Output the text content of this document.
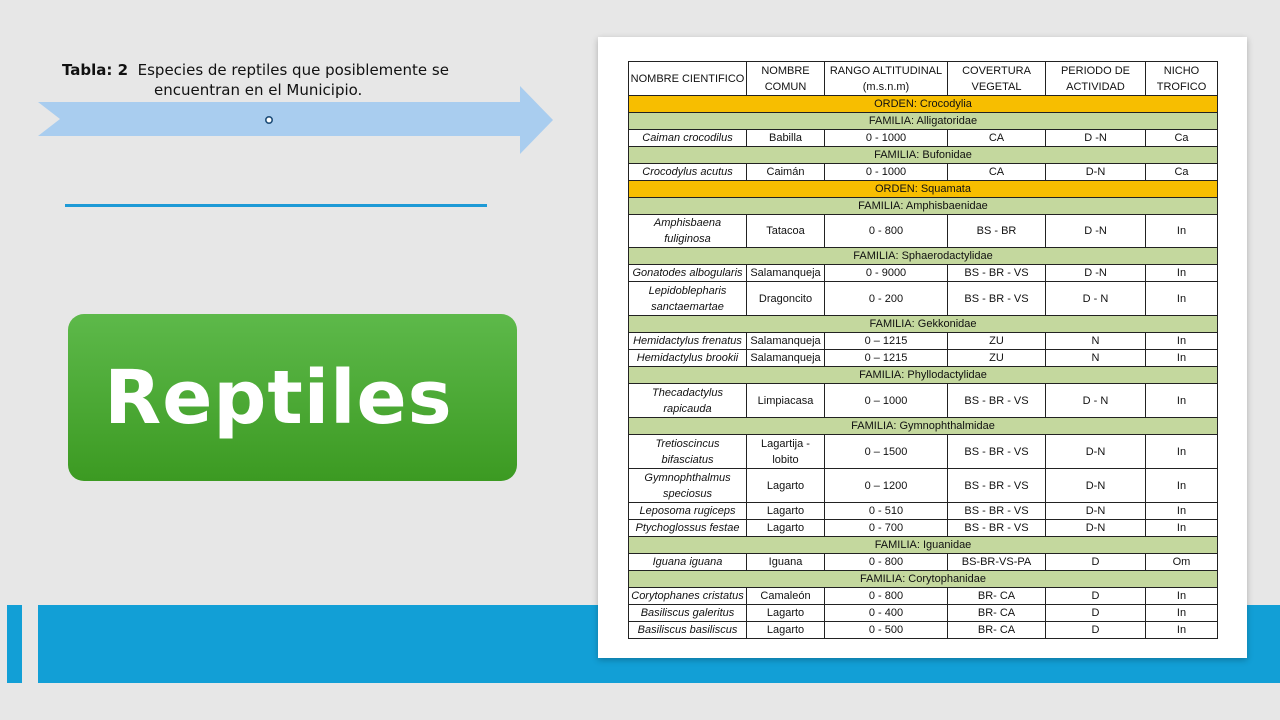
Tabla: 2 Especies de reptiles que posiblemente se
encuentran en el Municipio.
Reptiles
NOMBRE CIENTIFICO	NOMBRE COMUN	RANGO ALTITUDINAL (m.s.n.m)	COVERTURA VEGETAL	PERIODO DE ACTIVIDAD	NICHO TROFICO
ORDEN: Crocodylia					
FAMILIA: Alligatoridae					
Caiman crocodilus	Babilla	0 - 1000	CA	D -N	Ca
FAMILIA: Bufonidae					
Crocodylus acutus	Caimán	0 - 1000	CA	D-N	Ca
ORDEN: Squamata					
FAMILIA: Amphisbaenidae					
Amphisbaena fuliginosa	Tatacoa	0 - 800	BS - BR	D -N	In
FAMILIA: Sphaerodactylidae					
Gonatodes albogularis	Salamanqueja	0 - 9000	BS - BR - VS	D -N	In
Lepidoblepharis sanctaemartae	Dragoncito	0 - 200	BS - BR - VS	D - N	In
FAMILIA: Gekkonidae					
Hemidactylus frenatus	Salamanqueja	0 – 1215	ZU	N	In
Hemidactylus brookii	Salamanqueja	0 – 1215	ZU	N	In
FAMILIA: Phyllodactylidae					
Thecadactylus rapicauda	Limpiacasa	0 – 1000	BS - BR - VS	D - N	In
FAMILIA: Gymnophthalmidae					
Tretioscincus bifasciatus	Lagartija - lobito	0 – 1500	BS - BR - VS	D-N	In
Gymnophthalmus speciosus	Lagarto	0 – 1200	BS - BR - VS	D-N	In
Leposoma rugiceps	Lagarto	0 - 510	BS - BR - VS	D-N	In
Ptychoglossus festae	Lagarto	0 - 700	BS - BR - VS	D-N	In
FAMILIA: Iguanidae					
Iguana iguana	Iguana	0 - 800	BS-BR-VS-PA	D	Om
FAMILIA: Corytophanidae					
Corytophanes cristatus	Camaleón	0 - 800	BR- CA	D	In
Basiliscus galeritus	Lagarto	0 - 400	BR- CA	D	In
Basiliscus basiliscus	Lagarto	0 - 500	BR- CA	D	In
